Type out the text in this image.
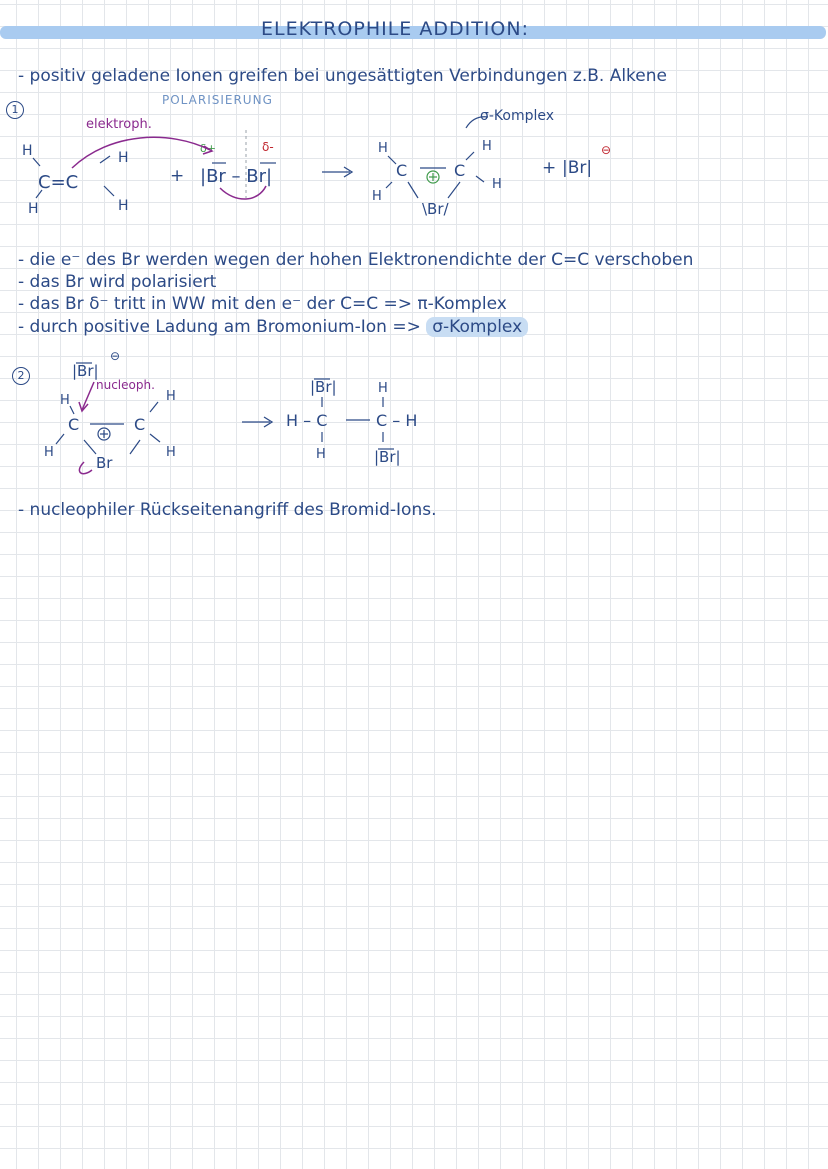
ELEKTROPHILE ADDITION:
- positiv geladene Ionen greifen bei ungesättigten Verbindungen z.B. Alkene
1
POLARISIERUNG
elektroph.
σ-Komplex
δ+	δ-
+	+ |Br|
⊖
H
C=C
H
H	H
|Br – Br|
H
C	C
H
H
H
\Br/
|Br|
⊖
H
C	C
H
H
H
Br
|Br|	H
H – C	C – H
H	|Br|
- die e⁻ des Br werden wegen der hohen Elektronendichte der C=C verschoben
- das Br wird polarisiert
- das Br δ⁻ tritt in WW mit den e⁻ der C=C => π-Komplex
- durch positive Ladung am Bromonium-Ion => σ-Komplex
2
nucleoph.
- nucleophiler Rückseitenangriff des Bromid-Ions.
